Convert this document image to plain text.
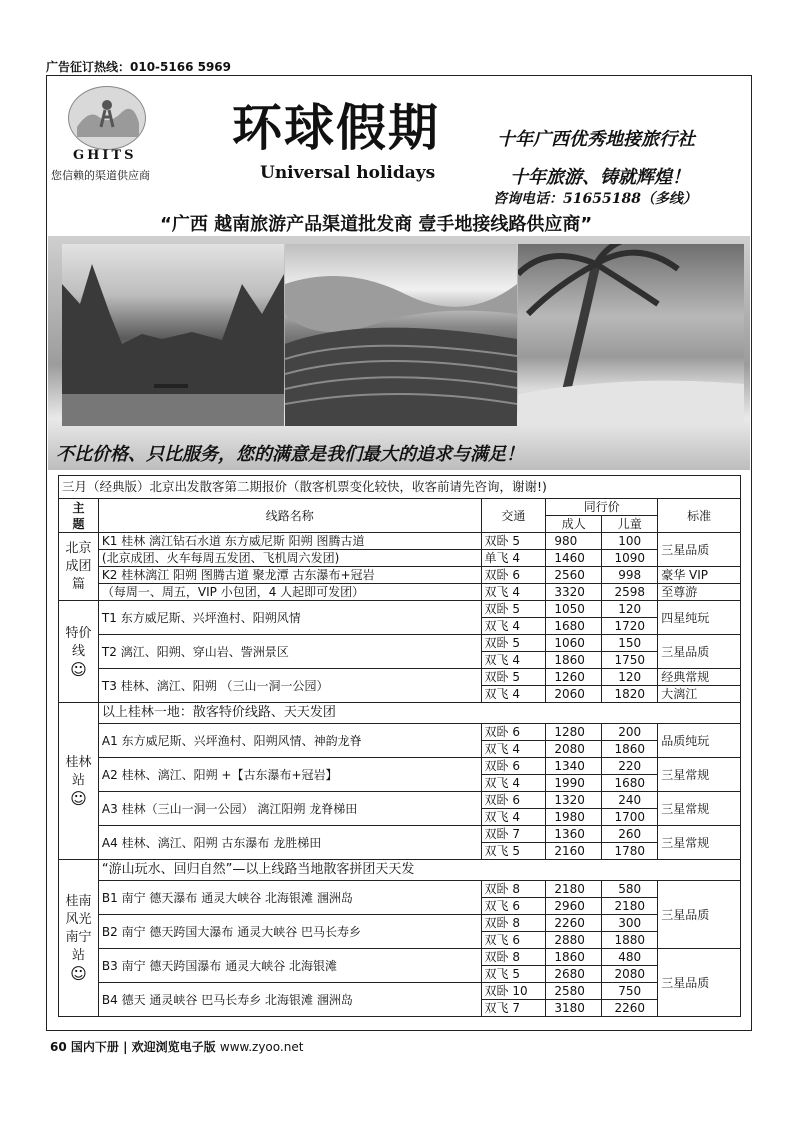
广告征订热线：010-5166 5969
GHITS
您信赖的渠道供应商
环球假期
Universal holidays
十年广西优秀地接旅行社
十年旅游、铸就辉煌！
咨询电话：51655188（多线）
“广西 越南旅游产品渠道批发商 壹手地接线路供应商”
不比价格、只比服务，您的满意是我们最大的追求与满足！
三月（经典版）北京出发散客第二期报价（散客机票变化较快，收客前请先咨询，谢谢!)					
主
题	线路名称	交通	同行价		标准
			成人	儿童	
北京成团篇	K1 桂林 漓江钻石水道 东方威尼斯 阳朔 图腾古道	双卧 5	980	100	三星品质
	(北京成团、火车每周五发团、飞机周六发团)	单飞 4	1460	1090	
	K2 桂林漓江 阳朔 图腾古道 聚龙潭 古东瀑布+冠岩	双卧 6	2560	998	豪华 VIP
	（每周一、周五，VIP 小包团，4 人起即可发团）	双飞 4	3320	2598	至尊游
特价线
☺	T1 东方威尼斯、兴坪渔村、阳朔风情	双卧 5	1050	120	四星纯玩
		双飞 4	1680	1720	
	T2 漓江、阳朔、穿山岩、訾洲景区	双卧 5	1060	150	三星品质
		双飞 4	1860	1750	
	T3 桂林、漓江、阳朔 （三山一洞一公园）	双卧 5	1260	120	经典常规
		双飞 4	2060	1820	大漓江
桂林站
☺	以上桂林一地：散客特价线路、天天发团				
	A1 东方威尼斯、兴坪渔村、阳朔风情、神韵龙脊	双卧 6	1280	200	品质纯玩
		双飞 4	2080	1860	
	A2 桂林、漓江、阳朔 +【古东瀑布+冠岩】	双卧 6	1340	220	三星常规
		双飞 4	1990	1680	
	A3 桂林（三山一洞一公园） 漓江阳朔 龙脊梯田	双卧 6	1320	240	三星常规
		双飞 4	1980	1700	
	A4 桂林、漓江、阳朔 古东瀑布 龙胜梯田	双卧 7	1360	260	三星常规
		双飞 5	2160	1780	
桂南风光南宁站
☺	“游山玩水、回归自然”—以上线路当地散客拼团天天发				
	B1 南宁 德天瀑布 通灵大峡谷 北海银滩 涠洲岛	双卧 8	2180	580	三星品质
		双飞 6	2960	2180	
	B2 南宁 德天跨国大瀑布 通灵大峡谷 巴马长寿乡	双卧 8	2260	300	
		双飞 6	2880	1880	
	B3 南宁 德天跨国瀑布 通灵大峡谷 北海银滩	双卧 8	1860	480	三星品质
		双飞 5	2680	2080	
	B4 德天 通灵峡谷 巴马长寿乡 北海银滩 涠洲岛	双卧 10	2580	750	
		双飞 7	3180	2260	
60 国内下册 | 欢迎浏览电子版 www.zyoo.net
